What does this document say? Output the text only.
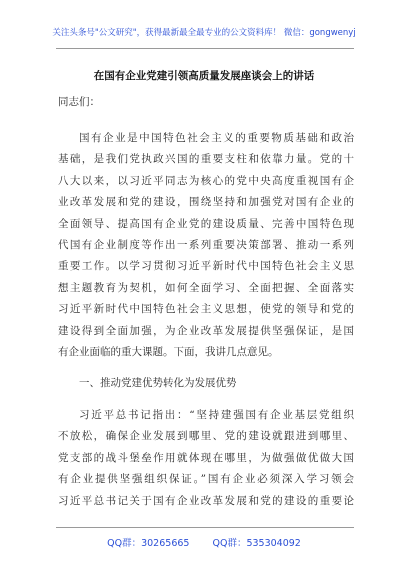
关注头条号"公文研究"，获得最新最全最专业的公文资料库！ 微信：gongwenyj
在国有企业党建引领高质量发展座谈会上的讲话
同志们：
国有企业是中国特色社会主义的重要物质基础和政治
基础，是我们党执政兴国的重要支柱和依靠力量。党的十
八大以来，以习近平同志为核心的党中央高度重视国有企
业改革发展和党的建设，围绕坚持和加强党对国有企业的
全面领导、提高国有企业党的建设质量、完善中国特色现
代国有企业制度等作出一系列重要决策部署、推动一系列
重要工作。以学习贯彻习近平新时代中国特色社会主义思
想主题教育为契机，如何全面学习、全面把握、全面落实
习近平新时代中国特色社会主义思想，使党的领导和党的
建设得到全面加强，为企业改革发展提供坚强保证，是国
有企业面临的重大课题。下面，我讲几点意见。
一、推动党建优势转化为发展优势
习近平总书记指出：“坚持建强国有企业基层党组织
不放松，确保企业发展到哪里、党的建设就跟进到哪里、
党支部的战斗堡垒作用就体现在哪里，为做强做优做大国
有企业提供坚强组织保证。”国有企业必须深入学习领会
习近平总书记关于国有企业改革发展和党的建设的重要论
QQ群：30265665 QQ群：535304092
